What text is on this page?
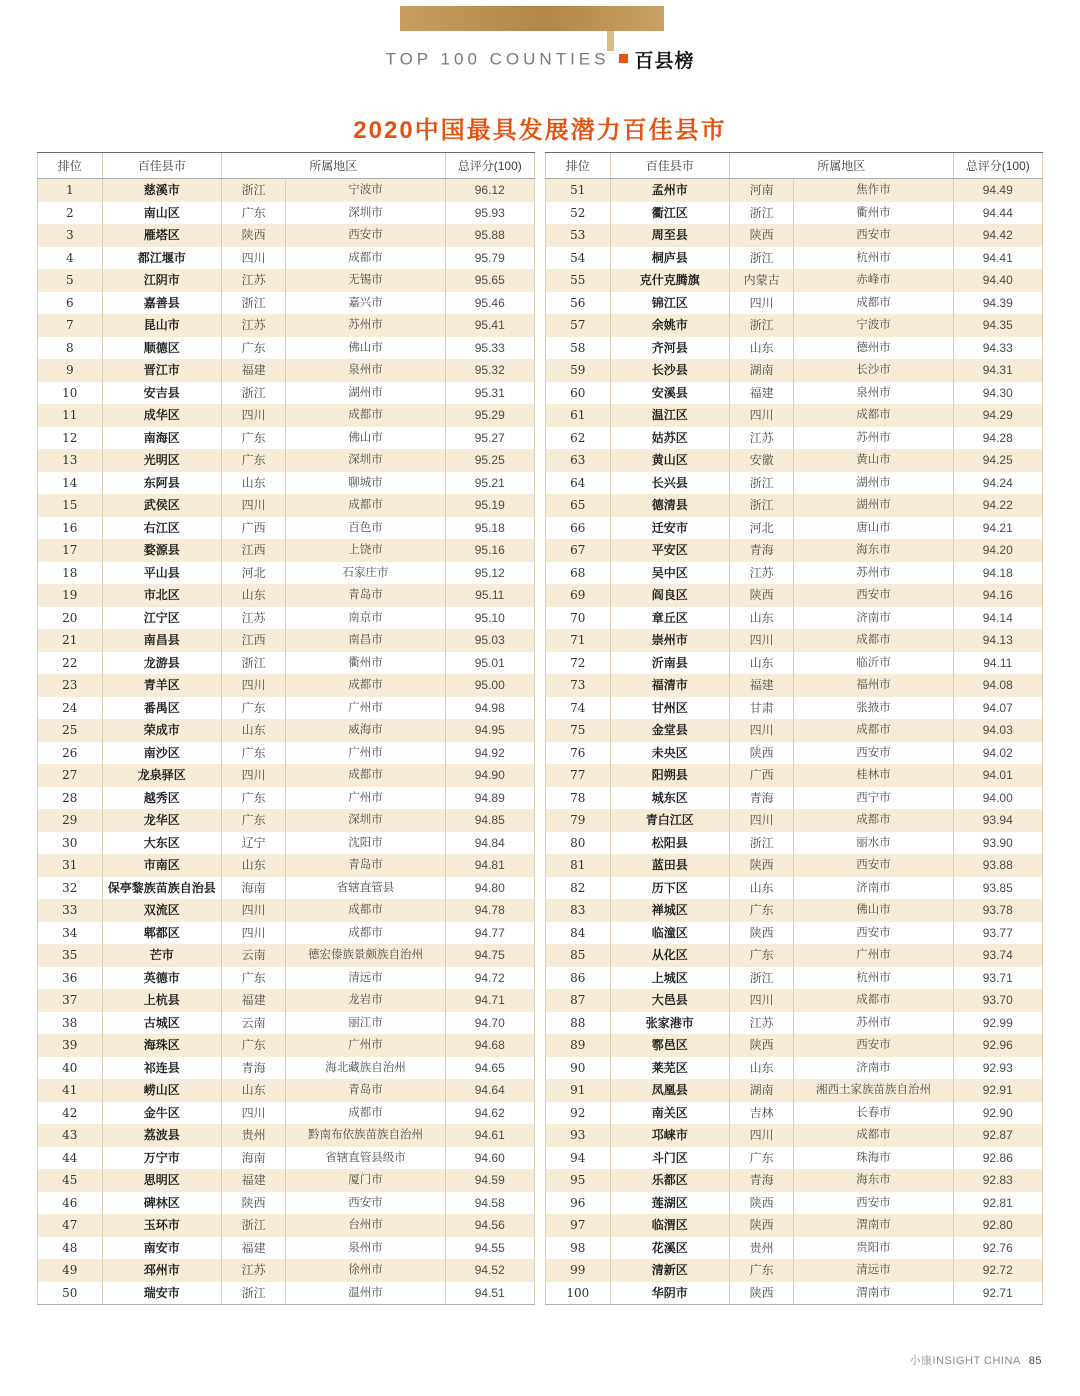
TOP 100 COUNTIES 百县榜
2020中国最具发展潜力百佳县市
排位	百佳县市	所属地区		总评分(100)
1	慈溪市	浙江	宁波市	96.12
2	南山区	广东	深圳市	95.93
3	雁塔区	陕西	西安市	95.88
4	都江堰市	四川	成都市	95.79
5	江阴市	江苏	无锡市	95.65
6	嘉善县	浙江	嘉兴市	95.46
7	昆山市	江苏	苏州市	95.41
8	顺德区	广东	佛山市	95.33
9	晋江市	福建	泉州市	95.32
10	安吉县	浙江	湖州市	95.31
11	成华区	四川	成都市	95.29
12	南海区	广东	佛山市	95.27
13	光明区	广东	深圳市	95.25
14	东阿县	山东	聊城市	95.21
15	武侯区	四川	成都市	95.19
16	右江区	广西	百色市	95.18
17	婺源县	江西	上饶市	95.16
18	平山县	河北	石家庄市	95.12
19	市北区	山东	青岛市	95.11
20	江宁区	江苏	南京市	95.10
21	南昌县	江西	南昌市	95.03
22	龙游县	浙江	衢州市	95.01
23	青羊区	四川	成都市	95.00
24	番禺区	广东	广州市	94.98
25	荣成市	山东	威海市	94.95
26	南沙区	广东	广州市	94.92
27	龙泉驿区	四川	成都市	94.90
28	越秀区	广东	广州市	94.89
29	龙华区	广东	深圳市	94.85
30	大东区	辽宁	沈阳市	94.84
31	市南区	山东	青岛市	94.81
32	保亭黎族苗族自治县	海南	省辖直管县	94.80
33	双流区	四川	成都市	94.78
34	郫都区	四川	成都市	94.77
35	芒市	云南	德宏傣族景颇族自治州	94.75
36	英德市	广东	清远市	94.72
37	上杭县	福建	龙岩市	94.71
38	古城区	云南	丽江市	94.70
39	海珠区	广东	广州市	94.68
40	祁连县	青海	海北藏族自治州	94.65
41	崂山区	山东	青岛市	94.64
42	金牛区	四川	成都市	94.62
43	荔波县	贵州	黔南布依族苗族自治州	94.61
44	万宁市	海南	省辖直管县级市	94.60
45	思明区	福建	厦门市	94.59
46	碑林区	陕西	西安市	94.58
47	玉环市	浙江	台州市	94.56
48	南安市	福建	泉州市	94.55
49	邳州市	江苏	徐州市	94.52
50	瑞安市	浙江	温州市	94.51
排位	百佳县市	所属地区		总评分(100)
51	孟州市	河南	焦作市	94.49
52	衢江区	浙江	衢州市	94.44
53	周至县	陕西	西安市	94.42
54	桐庐县	浙江	杭州市	94.41
55	克什克腾旗	内蒙古	赤峰市	94.40
56	锦江区	四川	成都市	94.39
57	余姚市	浙江	宁波市	94.35
58	齐河县	山东	德州市	94.33
59	长沙县	湖南	长沙市	94.31
60	安溪县	福建	泉州市	94.30
61	温江区	四川	成都市	94.29
62	姑苏区	江苏	苏州市	94.28
63	黄山区	安徽	黄山市	94.25
64	长兴县	浙江	湖州市	94.24
65	德清县	浙江	湖州市	94.22
66	迁安市	河北	唐山市	94.21
67	平安区	青海	海东市	94.20
68	吴中区	江苏	苏州市	94.18
69	阎良区	陕西	西安市	94.16
70	章丘区	山东	济南市	94.14
71	崇州市	四川	成都市	94.13
72	沂南县	山东	临沂市	94.11
73	福清市	福建	福州市	94.08
74	甘州区	甘肃	张掖市	94.07
75	金堂县	四川	成都市	94.03
76	未央区	陕西	西安市	94.02
77	阳朔县	广西	桂林市	94.01
78	城东区	青海	西宁市	94.00
79	青白江区	四川	成都市	93.94
80	松阳县	浙江	丽水市	93.90
81	蓝田县	陕西	西安市	93.88
82	历下区	山东	济南市	93.85
83	禅城区	广东	佛山市	93.78
84	临潼区	陕西	西安市	93.77
85	从化区	广东	广州市	93.74
86	上城区	浙江	杭州市	93.71
87	大邑县	四川	成都市	93.70
88	张家港市	江苏	苏州市	92.99
89	鄠邑区	陕西	西安市	92.96
90	莱芜区	山东	济南市	92.93
91	凤凰县	湖南	湘西土家族苗族自治州	92.91
92	南关区	吉林	长春市	92.90
93	邛崃市	四川	成都市	92.87
94	斗门区	广东	珠海市	92.86
95	乐都区	青海	海东市	92.83
96	莲湖区	陕西	西安市	92.81
97	临渭区	陕西	渭南市	92.80
98	花溪区	贵州	贵阳市	92.76
99	清新区	广东	清远市	92.72
100	华阴市	陕西	渭南市	92.71
小康INSIGHT CHINA 85
